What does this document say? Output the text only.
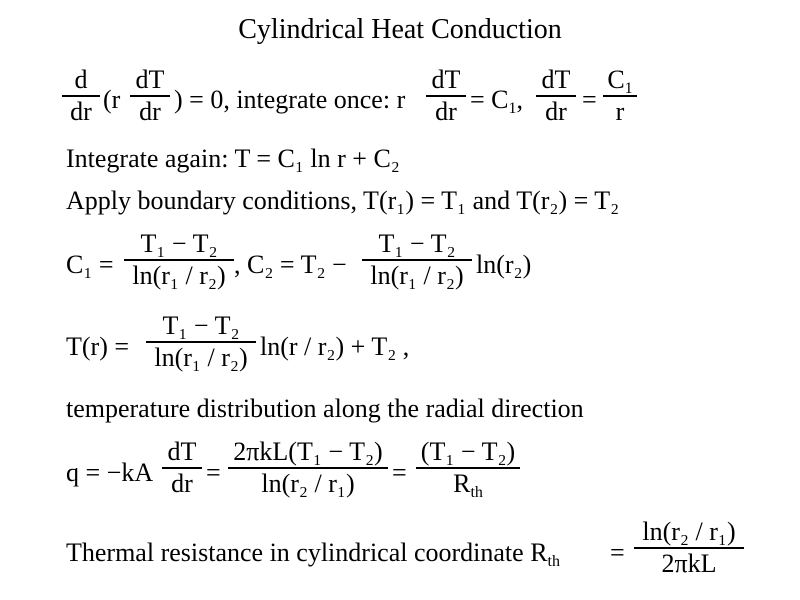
Cylindrical Heat Conduction
d
dr (r
dT
dr ) = 0, integrate once: r
dT
dr = $C_1$,
dT
dr =
$C_1$
r
Integrate again: T = C₁ ln r + C₂
Apply boundary conditions, T(r₁) = T₁ and T(r₂) = T₂
C₁ =
T₁ − T₂
ln(r₁ / r₂) , C₂ = T₂ −
T₁ − T₂
ln(r₁ / r₂) ln(r₂)
T(r) =
T₁ − T₂
ln(r₁ / r₂) ln(r / r₂) + T₂ ,
temperature distribution along the radial direction
q = −kA
dT
dr =
2πkL(T₁ − T₂)
ln(r₂ / r₁)	=
(T₁ − T₂)
$R_{th}$
Thermal resistance in cylindrical coordinate $R_{th}$ =
ln(r₂ / r₁)
2πkL
